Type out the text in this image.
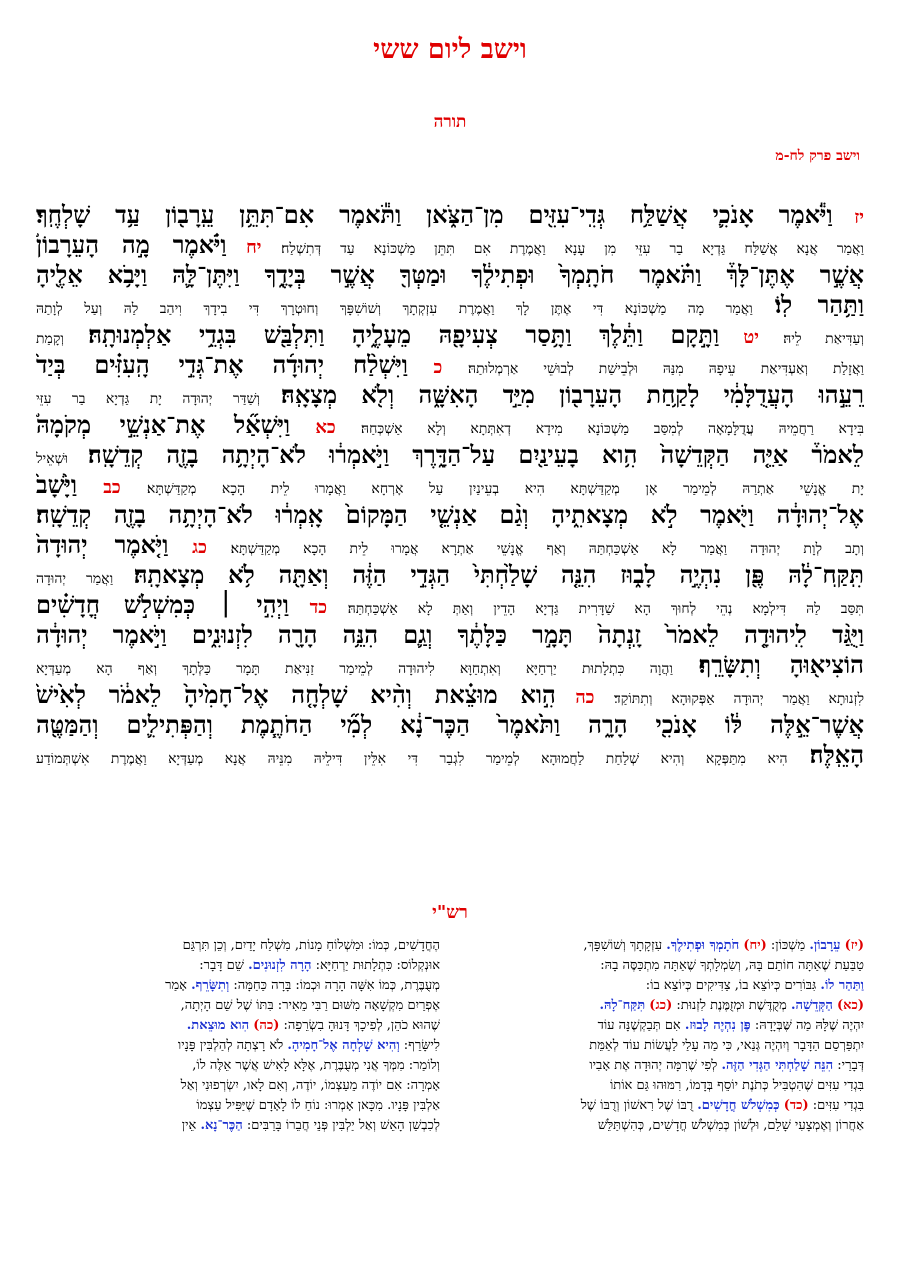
וישב ליום ששי
תורה
וישב פרק לח-מ
יז וַיֹּ֕אמֶר אָנֹכִ֛י אֲשַׁלַּ֥ח גְּדִֽי־עִזִּ֖ים מִן־הַצֹּ֑אן וַתֹּ֕אמֶר אִם־תִּתֵּ֥ן עֵֽרָב֖וֹן עַ֥ד שָׁלְחֶֽךָ׃
וַאֲמַר אֲנָא אֲשַׁלַּח גַּדְיָא בַר עִזֵּי מִן עָנָא וַאֲמֶרֶת אִם תִּתֵּן מַשְׁכּוֹנָא עַד דְּתִשְׁלַח׃ יח וַיֹּ֗אמֶר מָ֣ה הָעֵרָבוֹן֮
אֲשֶׁ֣ר אֶתֶּן־לָּךְ֒ וַתֹּ֗אמֶר חֹתָֽמְךָ֙ וּפְתִילֶ֔ךָ וּמַטְּךָ֖ אֲשֶׁ֣ר בְּיָדֶ֑ךָ וַיִּתֶּן־לָּ֛הּ וַיָּבֹ֥א אֵלֶ֖יהָ
וַתַּ֥הַר לֽוֹ׃ וַאֲמַר מָה מַשְׁכּוֹנָא דִּי אֶתֶּן לָךְ וַאֲמֶרֶת עִזְקְתָךְ וְשׁוֹשִׁפָּךְ וְחוּטְרָךְ דִּי בִידָךְ וִיהַב לַהּ וְעַל לְוָתַהּ
וְעַדִּיאַת לֵיהּ׃ יט וַתָּ֣קָם וַתֵּ֔לֶךְ וַתָּ֥סַר צְעִיפָ֖הּ מֵעָלֶ֑יהָ וַתִּלְבַּ֖שׁ בִּגְדֵ֥י אַלְמְנוּתָֽהּ׃ וְקָמַת
וַאֲזָלַת וְאַעְדִּיאַת עֵיפָהּ מִנַּהּ וּלְבֵישַׁת לְבוּשֵׁי אַרְמְלוּתַהּ׃ כ וַיִּשְׁלַ֨ח יְהוּדָ֜ה אֶת־גְּדִ֣י הָֽעִזִּ֗ים בְּיַד֙
רֵעֵ֣הוּ הָעֲדֻלָּמִ֔י לָקַ֥חַת הָעֵרָב֖וֹן מִיַּ֣ד הָאִשָּׁ֑ה וְלֹ֖א מְצָאָֽהּ׃ וְשַׁדַּר יְהוּדָה יָת גַּדְיָא בַר עִזֵּי
בִּידָא רַחֲמֵיהּ עֲדֻלָּמָאָה לְמִסַּב מַשְׁכּוֹנָא מִידָא דְאִתְּתָא וְלָא אַשְׁכְּחַהּ׃ כא וַיִּשְׁאַ֞ל אֶת־אַנְשֵׁ֣י מְקֹמָהּ֮
לֵאמֹר֒ אַיֵּ֤ה הַקְּדֵשָׁה֙ הִ֥וא בָעֵינַ֖יִם עַל־הַדָּ֑רֶךְ וַיֹּ֣אמְר֔וּ לֹא־הָיְתָ֥ה בָזֶ֖ה קְדֵשָֽׁה׃ וּשְׁאֵיל
יָת אֱנָשֵׁי אַתְרַהּ לְמֵימַר אָן מְקַדַּשְׁתָּא הִיא בְעֵינַיִן עַל אָרְחָא וַאֲמָרוּ לֵית הָכָא מְקַדַּשְׁתָּא׃ כב וַיָּ֙שָׁב֙
אֶל־יְהוּדָ֔ה וַיֹּ֖אמֶר לֹ֣א מְצָאתִ֑יהָ וְגַ֨ם אַנְשֵׁ֤י הַמָּקוֹם֙ אָֽמְר֔וּ לֹא־הָיְתָ֥ה בָזֶ֖ה קְדֵשָֽׁה׃
וְתָב לְוָת יְהוּדָה וַאֲמַר לָא אַשְׁכַּחְתַּהּ וְאַף אֱנָשֵׁי אַתְרָא אֲמָרוּ לֵית הָכָא מְקַדַּשְׁתָּא׃ כג וַיֹּ֤אמֶר יְהוּדָה֙
תִּֽקַּֽח־לָ֔הּ פֶּ֖ן נִהְיֶ֣ה לָב֑וּז הִנֵּ֤ה שָׁלַ֙חְתִּי֙ הַגְּדִ֣י הַזֶּ֔ה וְאַתָּ֖ה לֹ֥א מְצָאתָֽהּ׃ וַאֲמַר יְהוּדָה
תִּסַּב לַהּ דִּילְמָא נְהֵי לְחוּךְ הָא שַׁדָּרִית גַּדְיָא הָדֵין וְאַתְּ לָא אַשְׁכַּחְתַּהּ׃ כד וַיְהִ֣י ׀ כְּמִשְׁלֹ֣שׁ חֳדָשִׁ֗ים
וַיֻּגַּ֨ד לִֽיהוּדָ֤ה לֵאמֹר֙ זָֽנְתָה֙ תָּמָ֣ר כַּלָּתֶ֔ךָ וְגַ֛ם הִנֵּ֥ה הָרָ֖ה לִזְנוּנִ֑ים וַיֹּ֣אמֶר יְהוּדָ֔ה
הוֹצִיא֖וּהָ וְתִשָּׂרֵֽף׃ וַהֲוָה כִּתְלָתוּת יַרְחַיָּא וְאִתְחַוָּא לִיהוּדָה לְמֵימַר זַנִּיאַת תָּמָר כַּלְּתָךְ וְאַף הָא מְעַדְּיָא
לִזְנוּתָא וַאֲמַר יְהוּדָה אַפְּקוּהָא וְתִתּוֹקַד׃ כה הִ֣וא מוּצֵ֗את וְהִ֨יא שָׁלְחָ֤ה אֶל־חָמִ֙יהָ֙ לֵאמֹ֔ר לְאִ֙ישׁ֙
אֲשֶׁר־אֵ֣לֶּה לּ֔וֹ אָנֹכִ֖י הָרָ֑ה וַתֹּ֙אמֶר֙ הַכֶּר־נָ֔א לְמִ֞י הַחֹתֶ֧מֶת וְהַפְּתִילִ֛ים וְהַמַּטֶּ֖ה
הָאֵֽלֶּה׃ הִיא מִתַּפְּקָא וְהִיא שְׁלַחַת לַחֲמוּהָא לְמֵימַר לִגְבַר דִּי אִלֵּין דִּילֵיהּ מִנֵּיהּ אֲנָא מְעַדְּיָא וַאֲמֶרֶת אִשְׁתְּמוֹדַע
רש"י
(יז) עֵרָבוֹן. מַשְׁכּוֹן: (יח) חֹתָמְךָ וּפְתִילֶךָ. עִזְקָתָךְ וְשׁוֹשִׁפָּךְ,
טַבַּעַת שֶׁאַתָּה חוֹתֵם בָּהּ, וְשִׂמְלָתְךָ שֶׁאַתָּה מִתְכַּסֶּה בָהּ:
וַתַּהַר לוֹ. גִּבּוֹרִים כְּיוֹצֵא בוֹ, צַדִּיקִים כְּיוֹצֵא בוֹ:
(כא) הַקְּדֵשָׁה. מְקֻדֶּשֶׁת וּמְזֻמֶּנֶת לִזְנוּת: (כג) תִּקַּח־לָהּ.
יִהְיֶה שֶׁלָּהּ מַה שֶּׁבְּיָדָהּ: פֶּן נִהְיֶה לָבוּז. אִם תְּבַקְשֶׁנָּה עוֹד
יִתְפַּרְסֵם הַדָּבָר וְיִהְיֶה גְּנַאי, כִּי מַה עָלַי לַעֲשׂוֹת עוֹד לְאַמֵּת
דְּבָרַי: הִנֵּה שָׁלַחְתִּי הַגְּדִי הַזֶּה. לְפִי שֶׁרִמָּה יְהוּדָה אֶת אָבִיו
בִּגְדִי עִזִּים שֶׁהִטְבִּיל כְּתֹנֶת יוֹסֵף בְּדָמוֹ, רִמּוּהוּ גַּם אוֹתוֹ
בִּגְדִי עִזִּים: (כד) כְּמִשְׁלֹשׁ חֳדָשִׁים. רֻבּוֹ שֶׁל רִאשׁוֹן וְרֻבּוֹ שֶׁל
אַחֲרוֹן וְאֶמְצָעִי שָׁלֵם, וּלְשׁוֹן כְּמִשְׁלֹשׁ חֳדָשִׁים, כְּהִשְׁתַּלֵּשׁ
הֶחֳדָשִׁים, כְּמוֹ: וּמִשְׁלוֹחַ מָנוֹת, מִשְׁלַח יָדַיִם, וְכֵן תִּרְגֵּם
אוּנְקְלוֹס: כִּתְלָתוּת יַרְחַיָּא: הָרָה לִזְנוּנִים. שֵׁם דָּבָר:
מְעֻבֶּרֶת, כְּמוֹ אִשָּׁה הָרָה וּכְמוֹ: בָּרָה כַּחַמָּה: וְתִשָּׂרֵף. אָמַר
אֶפְרַיִם מִקְשָׁאָה מִשּׁוּם רַבִּי מֵאִיר: בִּתּוֹ שֶׁל שֵׁם הָיְתָה,
שֶׁהוּא כֹהֵן, לְפִיכָךְ דָּנוּהָ בִשְׂרֵפָה: (כה) הִוא מוּצֵאת.
לִישָּׂרֵף: וְהִיא שָׁלְחָה אֶל־חָמִיהָ. לֹא רָצְתָה לְהַלְבִּין פָּנָיו
וְלוֹמַר: מִמְּךָ אֲנִי מְעֻבֶּרֶת, אֶלָּא לָאִישׁ אֲשֶׁר אֵלֶּה לוֹ,
אָמְרָה: אִם יוֹדֶה מֵעַצְמוֹ, יוֹדֶה, וְאִם לָאו, יִשְׂרְפוּנִי וְאַל
אַלְבִּין פָּנָיו. מִכָּאן אָמְרוּ: נוֹחַ לוֹ לָאָדָם שֶׁיַּפִּיל עַצְמוֹ
לְכִבְשַׁן הָאֵשׁ וְאַל יַלְבִּין פְּנֵי חֲבֵרוֹ בָּרַבִּים: הַכֶּר־נָא. אֵין
